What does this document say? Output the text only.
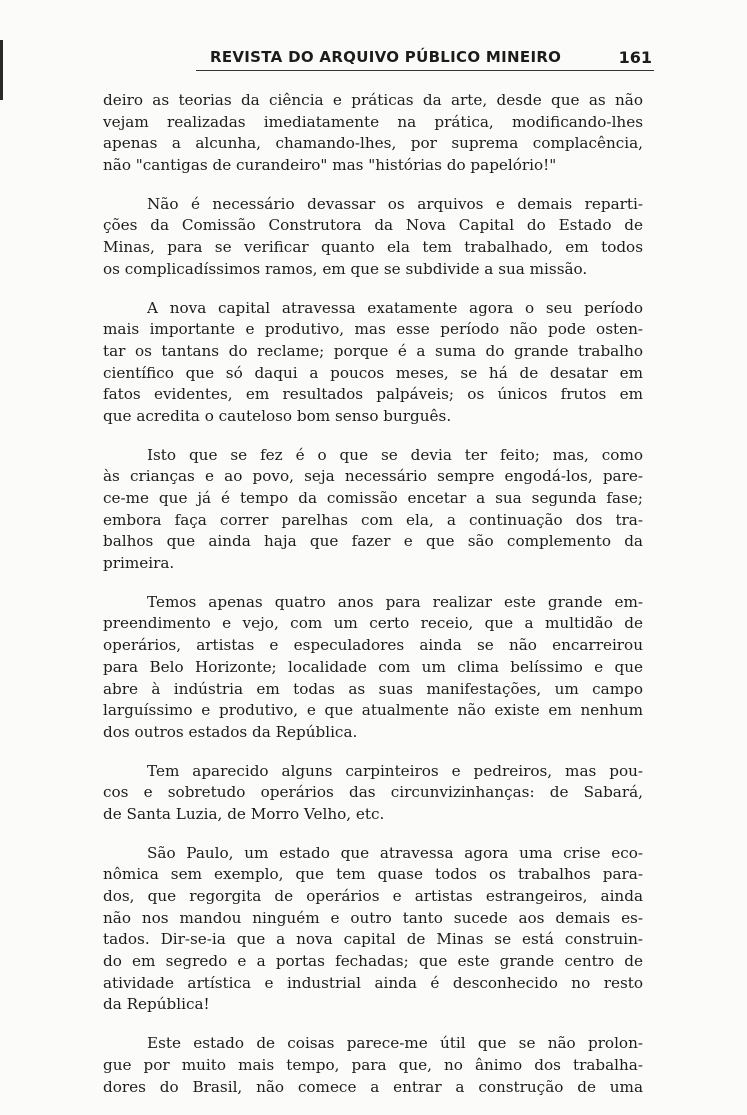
REVISTA DO ARQUIVO PÚBLICO MINEIRO	161
deiro as teorias da ciência e práticas da arte, desde que as não
vejam realizadas imediatamente na prática, modificando-lhes
apenas a alcunha, chamando-lhes, por suprema complacência,
não "cantigas de curandeiro" mas "histórias do papelório!"
Não é necessário devassar os arquivos e demais reparti-
ções da Comissão Construtora da Nova Capital do Estado de
Minas, para se verificar quanto ela tem trabalhado, em todos
os complicadíssimos ramos, em que se subdivide a sua missão.
A nova capital atravessa exatamente agora o seu período
mais importante e produtivo, mas esse período não pode osten-
tar os tantans do reclame; porque é a suma do grande trabalho
científico que só daqui a poucos meses, se há de desatar em
fatos evidentes, em resultados palpáveis; os únicos frutos em
que acredita o cauteloso bom senso burguês.
Isto que se fez é o que se devia ter feito; mas, como
às crianças e ao povo, seja necessário sempre engodá-los, pare-
ce-me que já é tempo da comissão encetar a sua segunda fase;
embora faça correr parelhas com ela, a continuação dos tra-
balhos que ainda haja que fazer e que são complemento da
primeira.
Temos apenas quatro anos para realizar este grande em-
preendimento e vejo, com um certo receio, que a multidão de
operários, artistas e especuladores ainda se não encarreirou
para Belo Horizonte; localidade com um clima belíssimo e que
abre à indústria em todas as suas manifestações, um campo
larguíssimo e produtivo, e que atualmente não existe em nenhum
dos outros estados da República.
Tem aparecido alguns carpinteiros e pedreiros, mas pou-
cos e sobretudo operários das circunvizinhanças: de Sabará,
de Santa Luzia, de Morro Velho, etc.
São Paulo, um estado que atravessa agora uma crise eco-
nômica sem exemplo, que tem quase todos os trabalhos para-
dos, que regorgita de operários e artistas estrangeiros, ainda
não nos mandou ninguém e outro tanto sucede aos demais es-
tados. Dir-se-ia que a nova capital de Minas se está construin-
do em segredo e a portas fechadas; que este grande centro de
atividade artística e industrial ainda é desconhecido no resto
da República!
Este estado de coisas parece-me útil que se não prolon-
gue por muito mais tempo, para que, no ânimo dos trabalha-
dores do Brasil, não comece a entrar a construção de uma
